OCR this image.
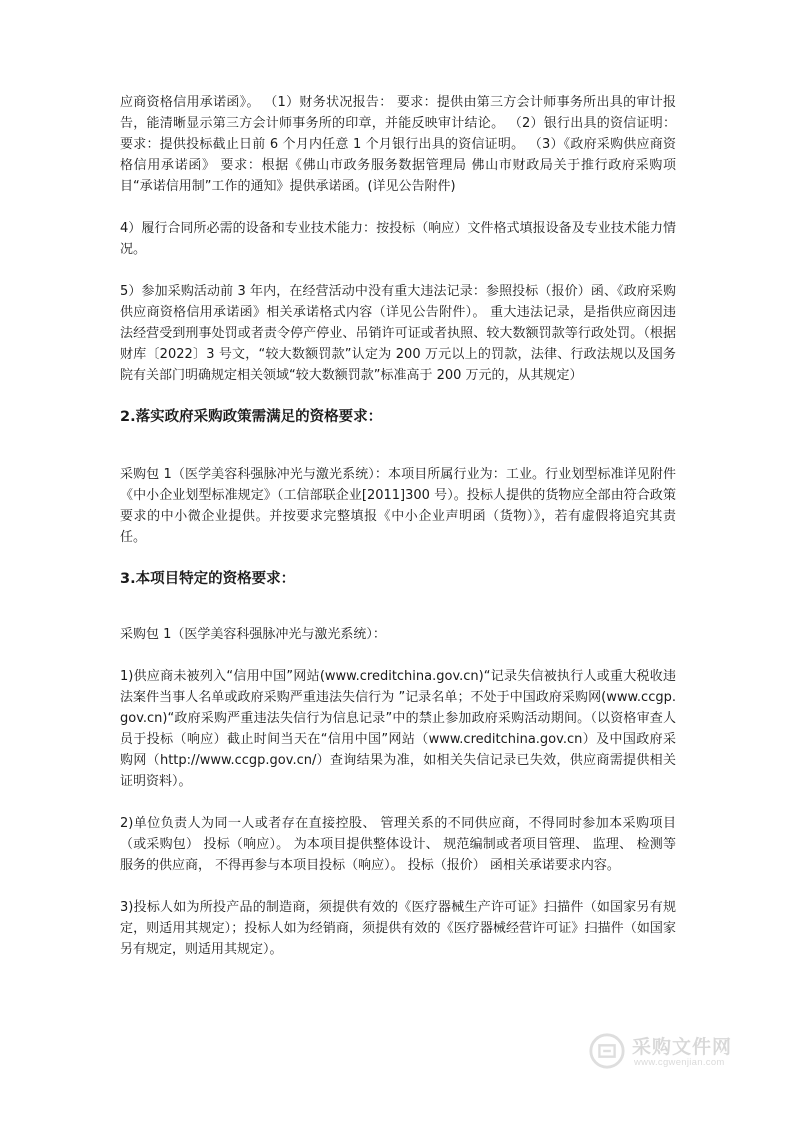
应商资格信用承诺函》。 （1）财务状况报告： 要求：提供由第三方会计师事务所出具的审计报告，能清晰显示第三方会计师事务所的印章，并能反映审计结论。 （2）银行出具的资信证明： 要求：提供投标截止日前 6 个月内任意 1 个月银行出具的资信证明。 （3）《政府采购供应商资格信用承诺函》 要求：根据《佛山市政务服务数据管理局 佛山市财政局关于推行政府采购项目“承诺信用制”工作的通知》提供承诺函。(详见公告附件)

4）履行合同所必需的设备和专业技术能力：按投标（响应）文件格式填报设备及专业技术能力情况。

5）参加采购活动前 3 年内，在经营活动中没有重大违法记录：参照投标（报价）函、《政府采购供应商资格信用承诺函》相关承诺格式内容（详见公告附件）。 重大违法记录，是指供应商因违法经营受到刑事处罚或者责令停产停业、吊销许可证或者执照、较大数额罚款等行政处罚。（根据财库〔2022〕3 号文，“较大数额罚款”认定为 200 万元以上的罚款，法律、行政法规以及国务院有关部门明确规定相关领域“较大数额罚款”标准高于 200 万元的，从其规定）

2.落实政府采购政策需满足的资格要求：

采购包 1（医学美容科强脉冲光与激光系统）：本项目所属行业为：工业。行业划型标准详见附件《中小企业划型标准规定》（工信部联企业[2011]300 号）。投标人提供的货物应全部由符合政策要求的中小微企业提供。并按要求完整填报《中小企业声明函（货物）》，若有虚假将追究其责任。

3.本项目特定的资格要求：

采购包 1（医学美容科强脉冲光与激光系统）：

1)供应商未被列入“信用中国”网站(www.creditchina.gov.cn)“记录失信被执行人或重大税收违法案件当事人名单或政府采购严重违法失信行为 ”记录名单；不处于中国政府采购网(www.ccgp.gov.cn)“政府采购严重违法失信行为信息记录”中的禁止参加政府采购活动期间。（以资格审查人员于投标（响应）截止时间当天在“信用中国”网站（www.creditchina.gov.cn）及中国政府采购网（http://www.ccgp.gov.cn/）查询结果为准，如相关失信记录已失效，供应商需提供相关证明资料）。

2)单位负责人为同一人或者存在直接控股、 管理关系的不同供应商，不得同时参加本采购项目（或采购包） 投标（响应）。 为本项目提供整体设计、 规范编制或者项目管理、 监理、 检测等服务的供应商， 不得再参与本项目投标（响应）。 投标（报价） 函相关承诺要求内容。

3)投标人如为所投产品的制造商，须提供有效的《医疗器械生产许可证》扫描件（如国家另有规定，则适用其规定）；投标人如为经销商，须提供有效的《医疗器械经营许可证》扫描件（如国家另有规定，则适用其规定）。

采购文件网
www.cgwenjian.com
